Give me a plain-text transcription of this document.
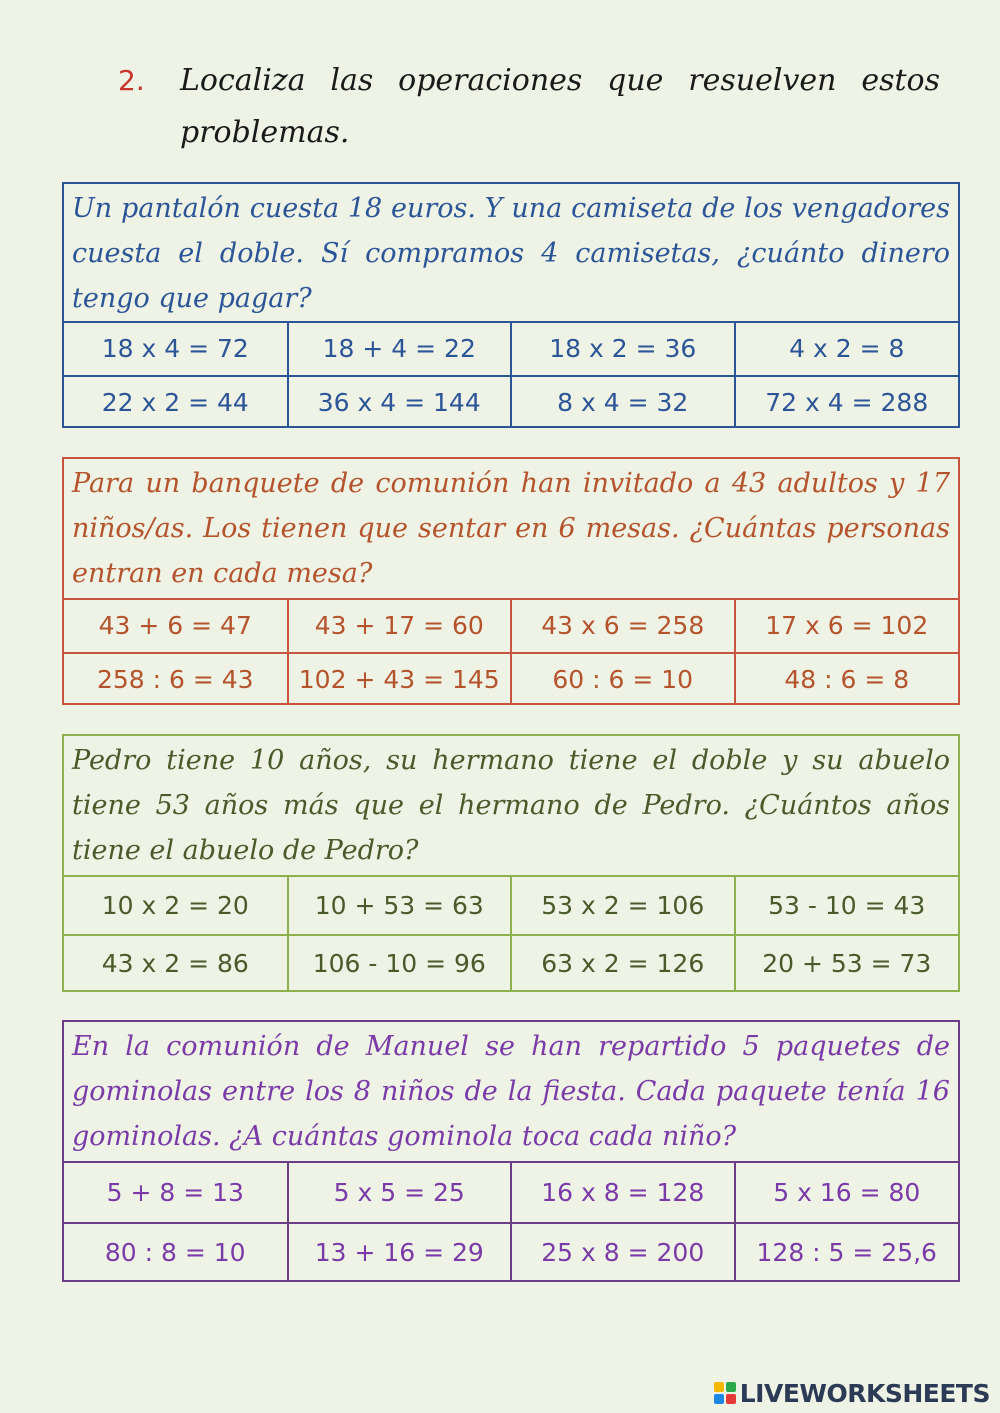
2. Localiza las operaciones que resuelven estos problemas.
Un pantalón cuesta 18 euros. Y una camiseta de los vengadores cuesta el doble. Sí compramos 4 camisetas, ¿cuánto dinero tengo que pagar?
18 x 4 = 72	18 + 4 = 22	18 x 2 = 36	4 x 2 = 8
22 x 2 = 44	36 x 4 = 144	8 x 4 = 32	72 x 4 = 288
Para un banquete de comunión han invitado a 43 adultos y 17 niños/as. Los tienen que sentar en 6 mesas. ¿Cuántas personas entran en cada mesa?
43 + 6 = 47	43 + 17 = 60	43 x 6 = 258	17 x 6 = 102
258 : 6 = 43	102 + 43 = 145	60 : 6 = 10	48 : 6 = 8
Pedro tiene 10 años, su hermano tiene el doble y su abuelo tiene 53 años más que el hermano de Pedro. ¿Cuántos años tiene el abuelo de Pedro?
10 x 2 = 20	10 + 53 = 63	53 x 2 = 106	53 - 10 = 43
43 x 2 = 86	106 - 10 = 96	63 x 2 = 126	20 + 53 = 73
En la comunión de Manuel se han repartido 5 paquetes de gominolas entre los 8 niños de la fiesta. Cada paquete tenía 16 gominolas. ¿A cuántas gominola toca cada niño?
5 + 8 = 13	5 x 5 = 25	16 x 8 = 128	5 x 16 = 80
80 : 8 = 10	13 + 16 = 29	25 x 8 = 200	128 : 5 = 25,6
LIVEWORKSHEETS
